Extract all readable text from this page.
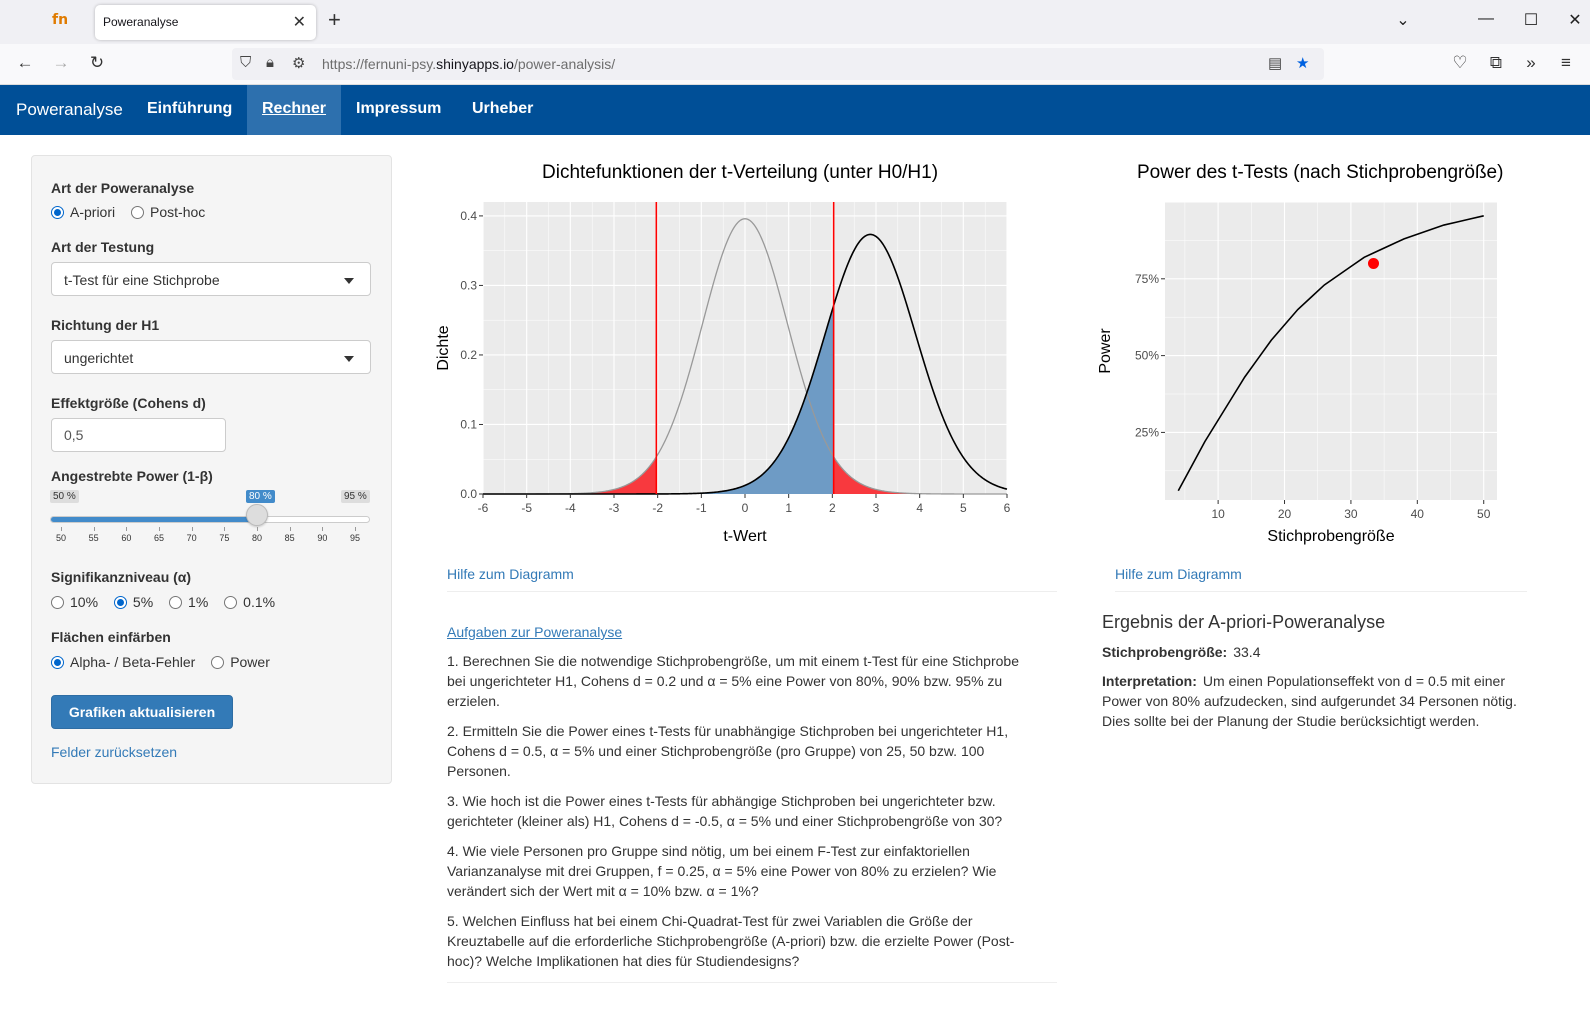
fn	Poweranalyse	✕ +	⌄	—	☐	✕
← → ↻	⛉ 🔒︎ ⚙ https://fernuni-psy.shinyapps.io/power-analysis/	▤ ★	♡ ⧉	»	≡
Poweranalyse	Einführung	Rechner	Impressum	Urheber
Art der Poweranalyse
A-priori Post-hoc
Art der Testung
t-Test für eine Stichprobe
Richtung der H1
ungerichtet
Effektgröße (Cohens d)
0,5
Angestrebte Power (1-β)
50 %	80 %	95 %
50	55	60	65	70	75	80	85	90	95
Signifikanzniveau (α)
10% 5% 1% 0.1%
Flächen einfärben
Alpha- / Beta-Fehler Power
Grafiken aktualisieren
Felder zurücksetzen
Dichtefunktionen der t-Verteilung (unter H0/H1)
-6	-5	-4	-3	-2	-1	0	1	2	3	4	5	6
0.0
0.1
0.2
0.3
0.4
t-Wert
Dichte
Hilfe zum Diagramm
Power des t-Tests (nach Stichprobengröße)
10	20	30	40	50
25%
50%
75%
Stichprobengröße
Power
Hilfe zum Diagramm
Aufgaben zur Poweranalyse
1. Berechnen Sie die notwendige Stichprobengröße, um mit einem t-Test für eine Stichprobe bei ungerichteter H1, Cohens d = 0.2 und α = 5% eine Power von 80%, 90% bzw. 95% zu erzielen.
2. Ermitteln Sie die Power eines t-Tests für unabhängige Stichproben bei ungerichteter H1, Cohens d = 0.5, α = 5% und einer Stichprobengröße (pro Gruppe) von 25, 50 bzw. 100 Personen.
3. Wie hoch ist die Power eines t-Tests für abhängige Stichproben bei ungerichteter bzw. gerichteter (kleiner als) H1, Cohens d = -0.5, α = 5% und einer Stichprobengröße von 30?
4. Wie viele Personen pro Gruppe sind nötig, um bei einem F-Test zur einfaktoriellen Varianzanalyse mit drei Gruppen, f = 0.25, α = 5% eine Power von 80% zu erzielen? Wie verändert sich der Wert mit α = 10% bzw. α = 1%?
5. Welchen Einfluss hat bei einem Chi-Quadrat-Test für zwei Variablen die Größe der Kreuztabelle auf die erforderliche Stichprobengröße (A-priori) bzw. die erzielte Power (Post-hoc)? Welche Implikationen hat dies für Studiendesigns?
Ergebnis der A-priori-Poweranalyse
Stichprobengröße: 33.4
Interpretation: Um einen Populationseffekt von d = 0.5 mit einer Power von 80% aufzudecken, sind aufgerundet 34 Personen nötig. Dies sollte bei der Planung der Studie berücksichtigt werden.
